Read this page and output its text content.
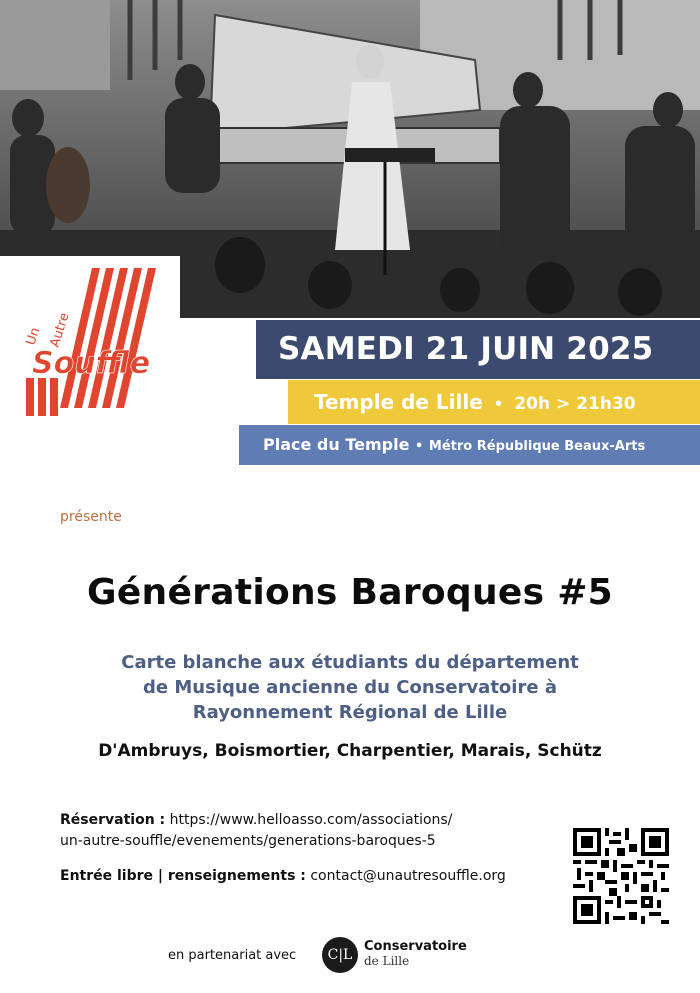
Un Autre
Souffle	SAMEDI 21 JUIN 2025
Temple de Lille • 20h > 21h30
Place du Temple • Métro République Beaux-Arts
présente
Générations Baroques #5
Carte blanche aux étudiants du département
de Musique ancienne du Conservatoire à
Rayonnement Régional de Lille
D'Ambruys, Boismortier, Charpentier, Marais, Schütz
Réservation : https://www.helloasso.com/associations/
un-autre-souffle/evenements/generations-baroques-5
Entrée libre | renseignements : contact@unautresouffle.org
en partenariat avec	C|L
Conservatoire
de Lille
